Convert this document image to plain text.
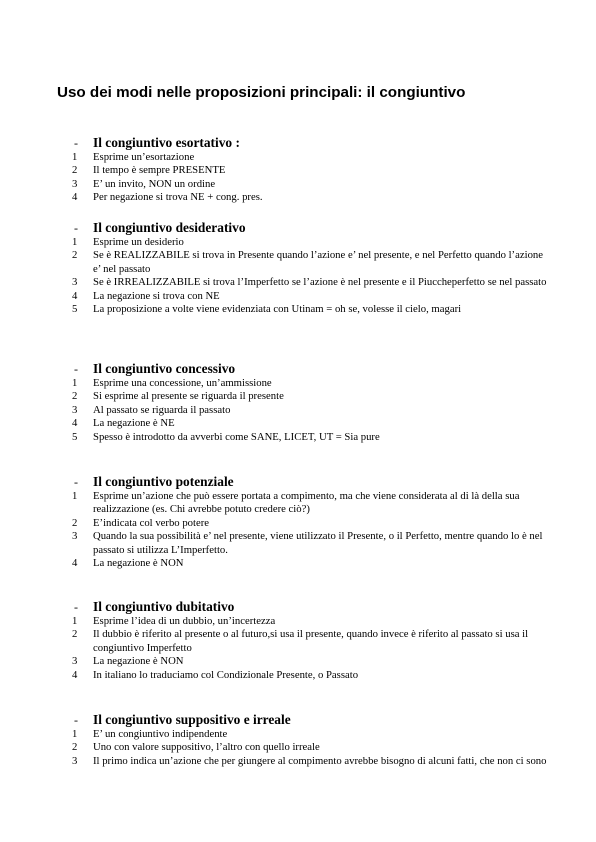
Uso dei modi nelle proposizioni principali: il congiuntivo
-	Il congiuntivo esortativo :
1	Esprime un’esortazione
2	Il tempo è sempre PRESENTE
3	E’ un invito, NON un ordine
4	Per negazione si trova NE + cong. pres.
-	Il congiuntivo desiderativo
1	Esprime un desiderio
2	Se è REALIZZABILE si trova in Presente quando l’azione e’ nel presente, e nel Perfetto quando l’azione e’ nel passato
3	Se è IRREALIZZABILE si trova l’Imperfetto se l’azione è nel presente e il Piuccheperfetto se nel passato
4	La negazione si trova con NE
5	La proposizione a volte viene evidenziata con Utinam = oh se, volesse il cielo, magari
-	Il congiuntivo concessivo
1	Esprime una concessione, un’ammissione
2	Si esprime al presente se riguarda il presente
3	Al passato se riguarda il passato
4	La negazione è NE
5	Spesso è introdotto da avverbi come SANE, LICET, UT = Sia pure
-	Il congiuntivo potenziale
1	Esprime un’azione che può essere portata a compimento, ma che viene considerata al di là della sua realizzazione (es. Chi avrebbe potuto credere ciò?)
2	E’indicata col verbo potere
3	Quando la sua possibilità e’ nel presente, viene utilizzato il Presente, o il Perfetto, mentre quando lo è nel passato si utilizza L’Imperfetto.
4	La negazione è NON
-	Il congiuntivo dubitativo
1	Esprime l’idea di un dubbio, un’incertezza
2	Il dubbio è riferito al presente o al futuro,si usa il presente, quando invece è riferito al passato si usa il congiuntivo Imperfetto
3	La negazione è NON
4	In italiano lo traduciamo col Condizionale Presente, o Passato
-	Il congiuntivo suppositivo e irreale
1	E’ un congiuntivo indipendente
2	Uno con valore suppositivo, l’altro con quello irreale
3	Il primo indica un’azione che per giungere al compimento avrebbe bisogno di alcuni fatti, che non ci sono
